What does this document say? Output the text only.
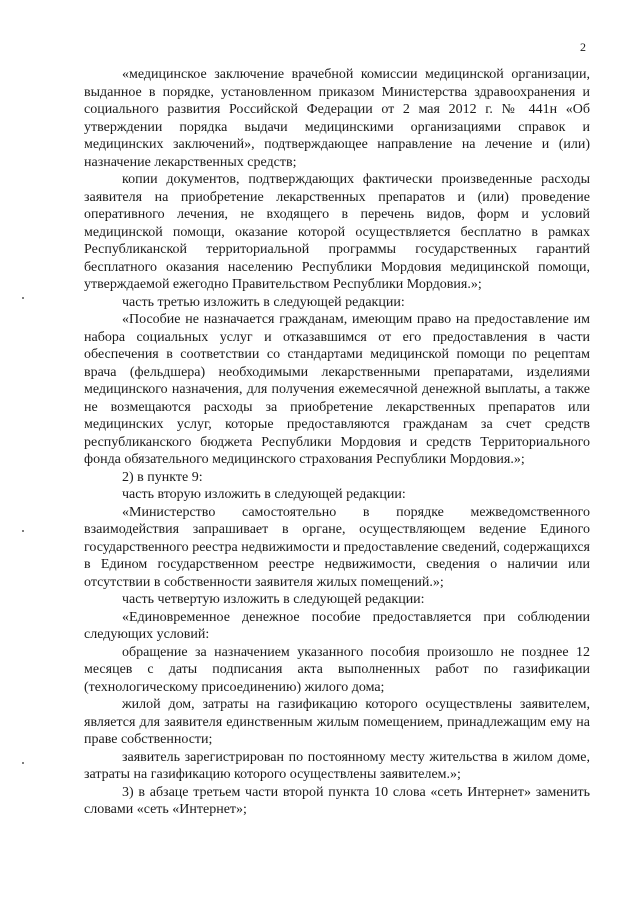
2

«медицинское заключение врачебной комиссии медицинской организации, выданное в порядке, установленном приказом Министерства здравоохранения и социального развития Российской Федерации от 2 мая 2012 г. № 441н «Об утверждении порядка выдачи медицинскими организациями справок и медицинских заключений», подтверждающее направление на лечение и (или) назначение лекарственных средств;

копии документов, подтверждающих фактически произведенные расходы заявителя на приобретение лекарственных препаратов и (или) проведение оперативного лечения, не входящего в перечень видов, форм и условий медицинской помощи, оказание которой осуществляется бесплатно в рамках Республиканской территориальной программы государственных гарантий бесплатного оказания населению Республики Мордовия медицинской помощи, утверждаемой ежегодно Правительством Республики Мордовия.»;

часть третью изложить в следующей редакции:

«Пособие не назначается гражданам, имеющим право на предоставление им набора социальных услуг и отказавшимся от его предоставления в части обеспечения в соответствии со стандартами медицинской помощи по рецептам врача (фельдшера) необходимыми лекарственными препаратами, изделиями медицинского назначения, для получения ежемесячной денежной выплаты, а также не возмещаются расходы за приобретение лекарственных препаратов или медицинских услуг, которые предоставляются гражданам за счет средств республиканского бюджета Республики Мордовия и средств Территориального фонда обязательного медицинского страхования Республики Мордовия.»;

2) в пункте 9:

часть вторую изложить в следующей редакции:

«Министерство самостоятельно в порядке межведомственного взаимодействия запрашивает в органе, осуществляющем ведение Единого государственного реестра недвижимости и предоставление сведений, содержащихся в Едином государственном реестре недвижимости, сведения о наличии или отсутствии в собственности заявителя жилых помещений.»;

часть четвертую изложить в следующей редакции:

«Единовременное денежное пособие предоставляется при соблюдении следующих условий:

обращение за назначением указанного пособия произошло не позднее 12 месяцев с даты подписания акта выполненных работ по газификации (технологическому присоединению) жилого дома;

жилой дом, затраты на газификацию которого осуществлены заявителем, является для заявителя единственным жилым помещением, принадлежащим ему на праве собственности;

заявитель зарегистрирован по постоянному месту жительства в жилом доме, затраты на газификацию которого осуществлены заявителем.»;

3) в абзаце третьем части второй пункта 10 слова «сеть Интернет» заменить словами «сеть «Интернет»;
